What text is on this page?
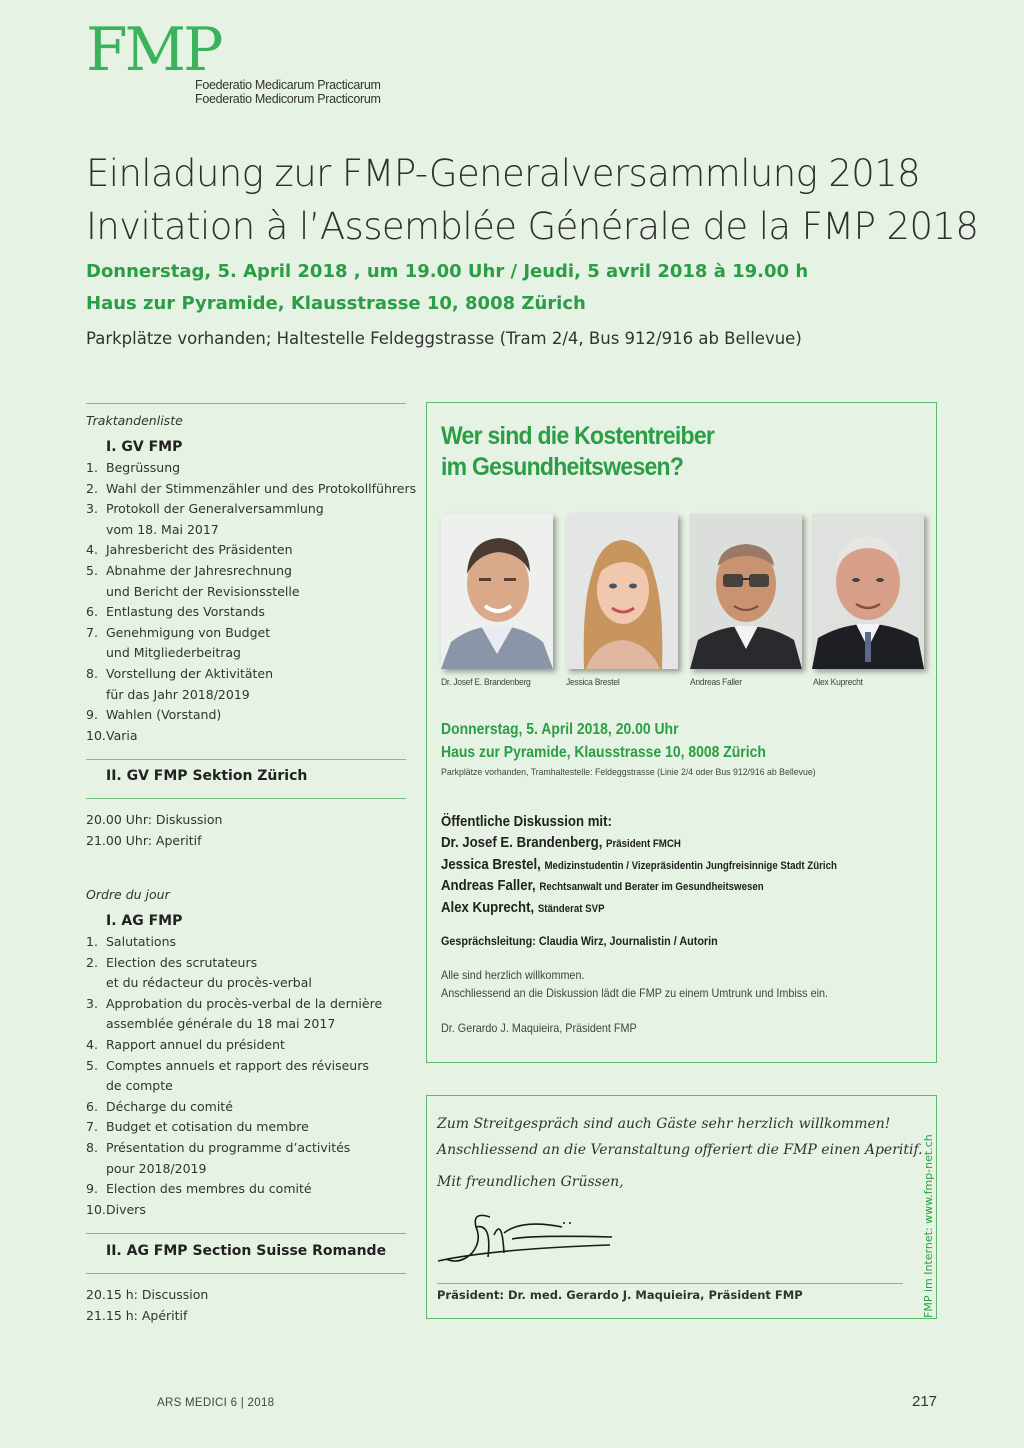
FMP
Foederatio Medicarum Practicarum
Foederatio Medicorum Practicorum
Einladung zur FMP-Generalversammlung 2018
Invitation à l’Assemblée Générale de la FMP 2018
Donnerstag, 5. April 2018 , um 19.00 Uhr / Jeudi, 5 avril 2018 à 19.00 h
Haus zur Pyramide, Klausstrasse 10, 8008 Zürich
Parkplätze vorhanden; Haltestelle Feldeggstrasse (Tram 2/4, Bus 912/916 ab Bellevue)
Traktandenliste
I. GV FMP
1. Begrüssung
2. Wahl der Stimmenzähler und des Protokollführers
3. Protokoll der Generalversammlung
vom 18. Mai 2017
4. Jahresbericht des Präsidenten
5. Abnahme der Jahresrechnung
und Bericht der Revisionsstelle
6. Entlastung des Vorstands
7. Genehmigung von Budget
und Mitgliederbeitrag
8. Vorstellung der Aktivitäten
für das Jahr 2018/2019
9. Wahlen (Vorstand)
10. Varia
II. GV FMP Sektion Zürich
20.00 Uhr: Diskussion
21.00 Uhr: Aperitif
Ordre du jour
I. AG FMP
1. Salutations
2. Election des scrutateurs
et du rédacteur du procès-verbal
3. Approbation du procès-verbal de la dernière
assemblée générale du 18 mai 2017
4. Rapport annuel du président
5. Comptes annuels et rapport des réviseurs
de compte
6. Décharge du comité
7. Budget et cotisation du membre
8. Présentation du programme d’activités
pour 2018/2019
9. Election des membres du comité
10. Divers
II. AG FMP Section Suisse Romande
20.15 h: Discussion
21.15 h: Apéritif
Wer sind die Kostentreiber
im Gesundheitswesen?
Dr. Josef E. Brandenberg	Jessica Brestel	Andreas Faller	Alex Kuprecht
Donnerstag, 5. April 2018, 20.00 Uhr
Haus zur Pyramide, Klausstrasse 10, 8008 Zürich
Parkplätze vorhanden, Tramhaltestelle: Feldeggstrasse (Linie 2/4 oder Bus 912/916 ab Bellevue)
Öffentliche Diskussion mit:
Dr. Josef E. Brandenberg, Präsident FMCH
Jessica Brestel, Medizinstudentin / Vizepräsidentin Jungfreisinnige Stadt Zürich
Andreas Faller, Rechtsanwalt und Berater im Gesundheitswesen
Alex Kuprecht, Ständerat SVP
Gesprächsleitung: Claudia Wirz, Journalistin / Autorin
Alle sind herzlich willkommen.
Anschliessend an die Diskussion lädt die FMP zu einem Umtrunk und Imbiss ein.
Dr. Gerardo J. Maquieira, Präsident FMP
Zum Streitgespräch sind auch Gäste sehr herzlich willkommen!
Anschliessend an die Veranstaltung offeriert die FMP einen Aperitif.
Mit freundlichen Grüssen,
Präsident: Dr. med. Gerardo J. Maquieira, Präsident FMP	FMP im Internet: www.fmp-net.ch
ARS MEDICI 6 | 2018	217
